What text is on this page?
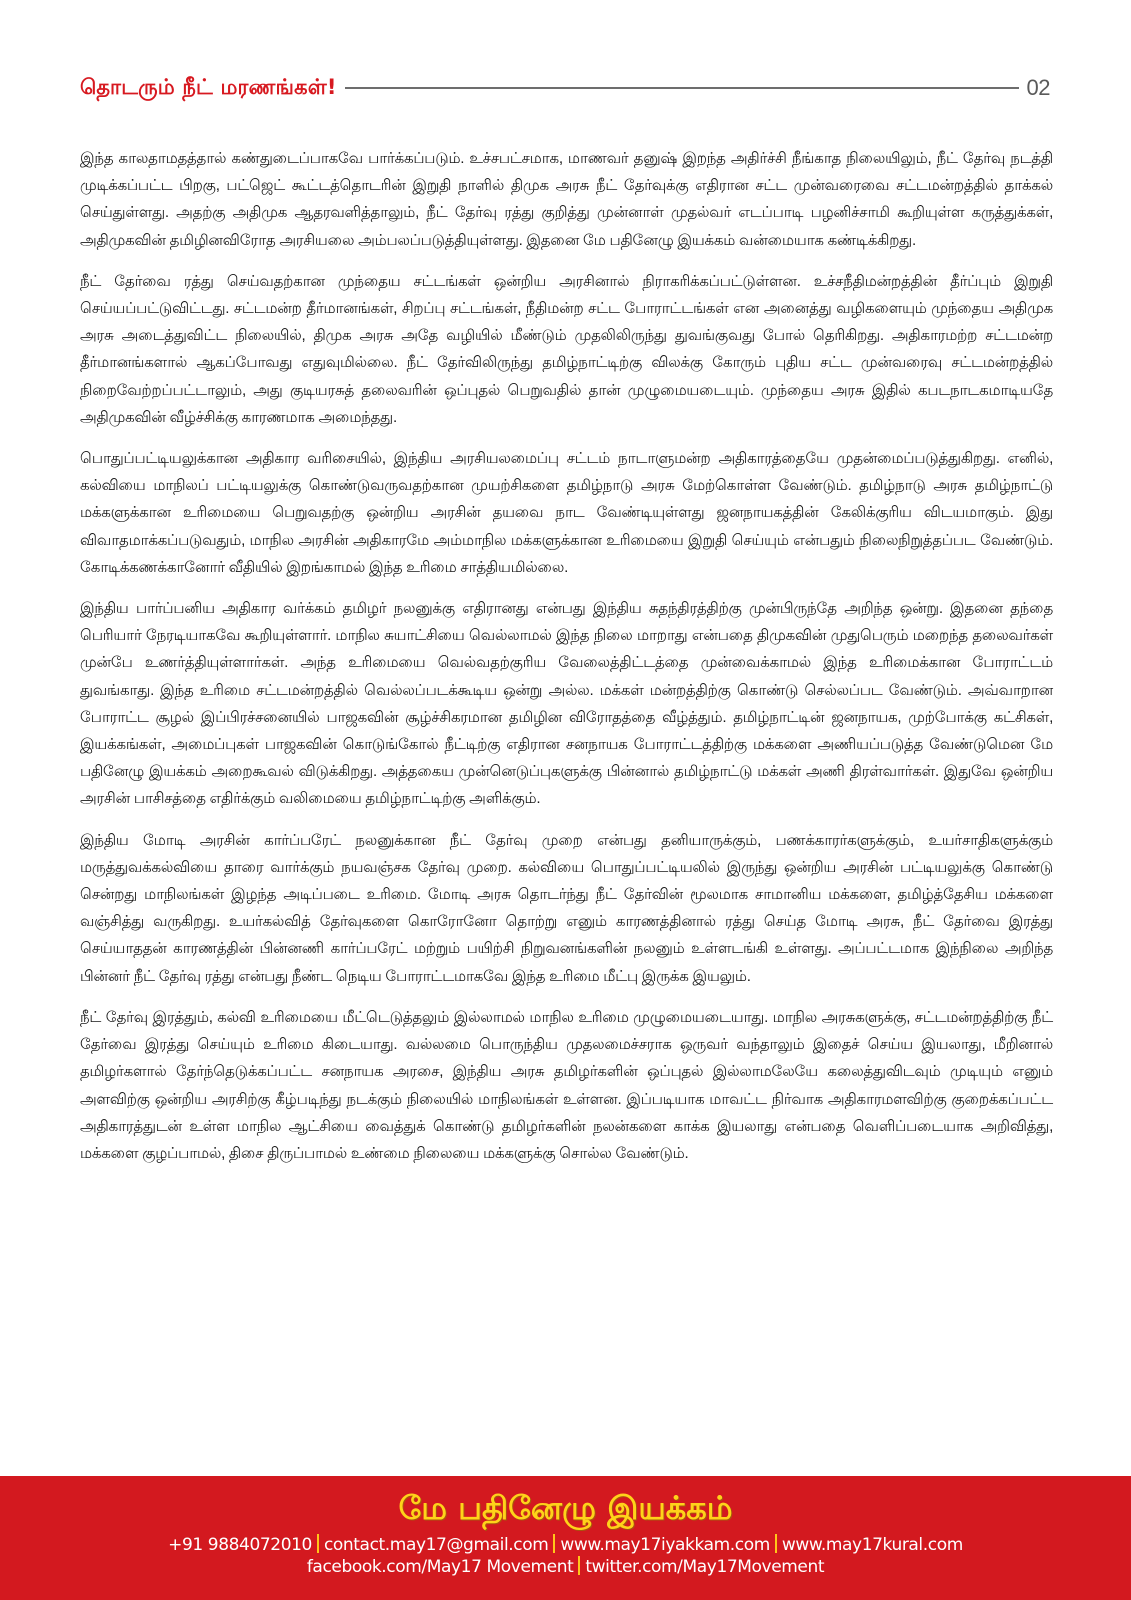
தொடரும் நீட் மரணங்கள்!	02

இந்த காலதாமதத்தால் கண்துடைப்பாகவே பார்க்கப்படும். உச்சபட்சமாக, மாணவர் தனுஷ் இறந்த அதிர்ச்சி நீங்காத நிலையிலும், நீட் தேர்வு நடத்தி முடிக்கப்பட்ட பிறகு, பட்ஜெட் கூட்டத்தொடரின் இறுதி நாளில் திமுக அரசு நீட் தேர்வுக்கு எதிரான சட்ட முன்வரைவை சட்டமன்றத்தில் தாக்கல் செய்துள்ளது. அதற்கு அதிமுக ஆதரவளித்தாலும், நீட் தேர்வு ரத்து குறித்து முன்னாள் முதல்வர் எடப்பாடி பழனிச்சாமி கூறியுள்ள கருத்துக்கள், அதிமுகவின் தமிழினவிரோத அரசியலை அம்பலப்படுத்தியுள்ளது. இதனை மே பதினேழு இயக்கம் வன்மையாக கண்டிக்கிறது.

நீட் தேர்வை ரத்து செய்வதற்கான முந்தைய சட்டங்கள் ஒன்றிய அரசினால் நிராகரிக்கப்பட்டுள்ளன. உச்சநீதிமன்றத்தின் தீர்ப்பும் இறுதி செய்யப்பட்டுவிட்டது. சட்டமன்ற தீர்மானங்கள், சிறப்பு சட்டங்கள், நீதிமன்ற சட்ட போராட்டங்கள் என அனைத்து வழிகளையும் முந்தைய அதிமுக அரசு அடைத்துவிட்ட நிலையில், திமுக அரசு அதே வழியில் மீண்டும் முதலிலிருந்து துவங்குவது போல் தெரிகிறது. அதிகாரமற்ற சட்டமன்ற தீர்மானங்களால் ஆகப்போவது எதுவுமில்லை. நீட் தேர்விலிருந்து தமிழ்நாட்டிற்கு விலக்கு கோரும் புதிய சட்ட முன்வரைவு சட்டமன்றத்தில் நிறைவேற்றப்பட்டாலும், அது குடியரசுத் தலைவரின் ஒப்புதல் பெறுவதில் தான் முழுமையடையும். முந்தைய அரசு இதில் கபடநாடகமாடியதே அதிமுகவின் வீழ்ச்சிக்கு காரணமாக அமைந்தது.

பொதுப்பட்டியலுக்கான அதிகார வரிசையில், இந்திய அரசியலமைப்பு சட்டம் நாடாளுமன்ற அதிகாரத்தையே முதன்மைப்படுத்துகிறது. எனில், கல்வியை மாநிலப் பட்டியலுக்கு கொண்டுவருவதற்கான முயற்சிகளை தமிழ்நாடு அரசு மேற்கொள்ள வேண்டும். தமிழ்நாடு அரசு தமிழ்நாட்டு மக்களுக்கான உரிமையை பெறுவதற்கு ஒன்றிய அரசின் தயவை நாட வேண்டியுள்ளது ஜனநாயகத்தின் கேலிக்குரிய விடயமாகும். இது விவாதமாக்கப்படுவதும், மாநில அரசின் அதிகாரமே அம்மாநில மக்களுக்கான உரிமையை இறுதி செய்யும் என்பதும் நிலைநிறுத்தப்பட வேண்டும். கோடிக்கணக்கானோர் வீதியில் இறங்காமல் இந்த உரிமை சாத்தியமில்லை.

இந்திய பார்ப்பனிய அதிகார வர்க்கம் தமிழர் நலனுக்கு எதிரானது என்பது இந்திய சுதந்திரத்திற்கு முன்பிருந்தே அறிந்த ஒன்று. இதனை தந்தை பெரியார் நேரடியாகவே கூறியுள்ளார். மாநில சுயாட்சியை வெல்லாமல் இந்த நிலை மாறாது என்பதை திமுகவின் முதுபெரும் மறைந்த தலைவர்கள் முன்பே உணர்த்தியுள்ளார்கள். அந்த உரிமையை வெல்வதற்குரிய வேலைத்திட்டத்தை முன்வைக்காமல் இந்த உரிமைக்கான போராட்டம் துவங்காது. இந்த உரிமை சட்டமன்றத்தில் வெல்லப்படக்கூடிய ஒன்று அல்ல. மக்கள் மன்றத்திற்கு கொண்டு செல்லப்பட வேண்டும். அவ்வாறான போராட்ட சூழல் இப்பிரச்சனையில் பாஜகவின் சூழ்ச்சிகரமான தமிழின விரோதத்தை வீழ்த்தும். தமிழ்நாட்டின் ஜனநாயக, முற்போக்கு கட்சிகள், இயக்கங்கள், அமைப்புகள் பாஜகவின் கொடுங்கோல் நீட்டிற்கு எதிரான சனநாயக போராட்டத்திற்கு மக்களை அணியப்படுத்த வேண்டுமென மே பதினேழு இயக்கம் அறைகூவல் விடுக்கிறது. அத்தகைய முன்னெடுப்புகளுக்கு பின்னால் தமிழ்நாட்டு மக்கள் அணி திரள்வார்கள். இதுவே ஒன்றிய அரசின் பாசிசத்தை எதிர்க்கும் வலிமையை தமிழ்நாட்டிற்கு அளிக்கும்.

இந்திய மோடி அரசின் கார்ப்பரேட் நலனுக்கான நீட் தேர்வு முறை என்பது தனியாருக்கும், பணக்காரர்களுக்கும், உயர்சாதிகளுக்கும் மருத்துவக்கல்வியை தாரை வார்க்கும் நயவஞ்சக தேர்வு முறை. கல்வியை பொதுப்பட்டியலில் இருந்து ஒன்றிய அரசின் பட்டியலுக்கு கொண்டு சென்றது மாநிலங்கள் இழந்த அடிப்படை உரிமை. மோடி அரசு தொடர்ந்து நீட் தேர்வின் மூலமாக சாமானிய மக்களை, தமிழ்த்தேசிய மக்களை வஞ்சித்து வருகிறது. உயர்கல்வித் தேர்வுகளை கொரோனோ தொற்று எனும் காரணத்தினால் ரத்து செய்த மோடி அரசு, நீட் தேர்வை இரத்து செய்யாததன் காரணத்தின் பின்னணி கார்ப்பரேட் மற்றும் பயிற்சி நிறுவனங்களின் நலனும் உள்ளடங்கி உள்ளது. அப்பட்டமாக இந்நிலை அறிந்த பின்னர் நீட் தேர்வு ரத்து என்பது நீண்ட நெடிய போராட்டமாகவே இந்த உரிமை மீட்பு இருக்க இயலும்.

நீட் தேர்வு இரத்தும், கல்வி உரிமையை மீட்டெடுத்தலும் இல்லாமல் மாநில உரிமை முழுமையடையாது. மாநில அரசுகளுக்கு, சட்டமன்றத்திற்கு நீட் தேர்வை இரத்து செய்யும் உரிமை கிடையாது. வல்லமை பொருந்திய முதலமைச்சராக ஒருவர் வந்தாலும் இதைச் செய்ய இயலாது, மீறினால் தமிழர்களால் தேர்ந்தெடுக்கப்பட்ட சனநாயக அரசை, இந்திய அரசு தமிழர்களின் ஒப்புதல் இல்லாமலேயே கலைத்துவிடவும் முடியும் எனும் அளவிற்கு ஒன்றிய அரசிற்கு கீழ்படிந்து நடக்கும் நிலையில் மாநிலங்கள் உள்ளன. இப்படியாக மாவட்ட நிர்வாக அதிகாரமளவிற்கு குறைக்கப்பட்ட அதிகாரத்துடன் உள்ள மாநில ஆட்சியை வைத்துக் கொண்டு தமிழர்களின் நலன்களை காக்க இயலாது என்பதை வெளிப்படையாக அறிவித்து, மக்களை குழப்பாமல், திசை திருப்பாமல் உண்மை நிலையை மக்களுக்கு சொல்ல வேண்டும்.

மே பதினேழு இயக்கம்
+91 9884072010 contact.may17@gmail.com www.may17iyakkam.com www.may17kural.com
facebook.com/May17 Movement twitter.com/May17Movement
